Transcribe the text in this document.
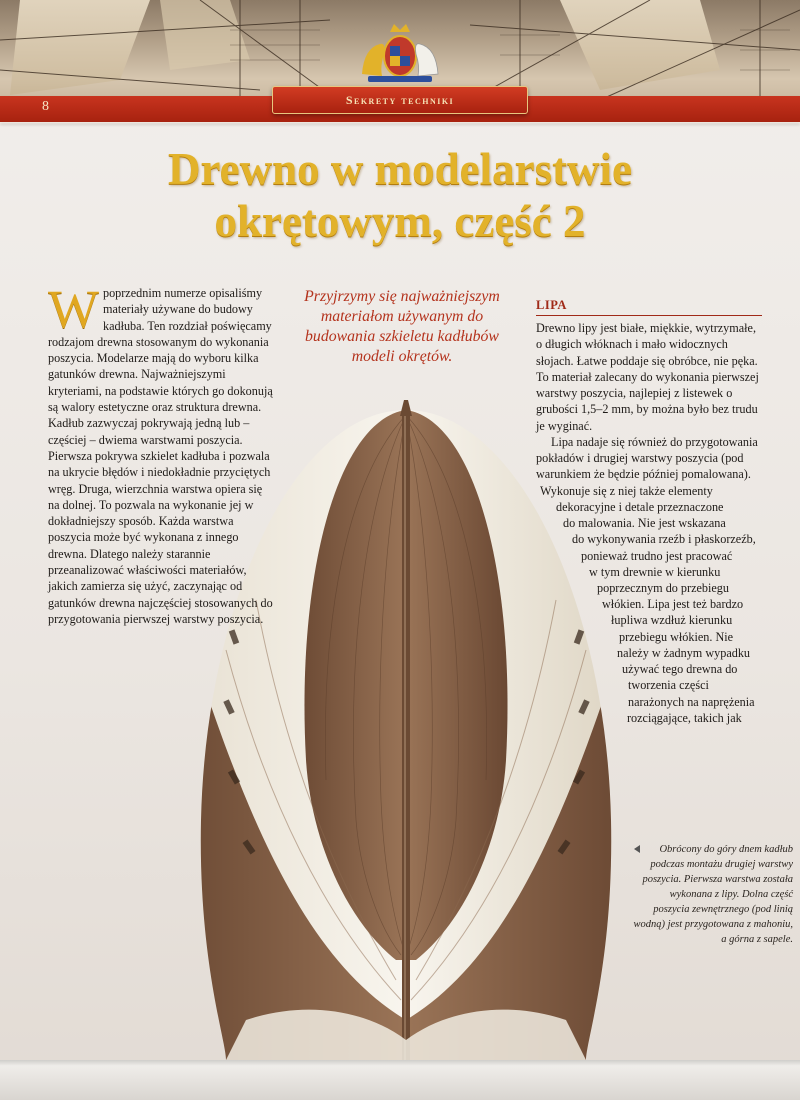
8	Sekrety techniki
Drewno w modelarstwie
okrętowym, część 2
W poprzednim numerze opisaliśmy materiały używane do budowy kadłuba. Ten rozdział poświęcamy rodzajom drewna stosowanym do wykonania poszycia. Modelarze mają do wyboru kilka gatunków drewna. Najważniejszymi kryteriami, na podstawie których go dokonują są walory estetyczne oraz struktura drewna. Kadłub zazwyczaj pokrywają jedną lub – częściej – dwiema warstwami poszycia. Pierwsza pokrywa szkielet kadłuba i pozwala na ukrycie błędów i niedokładnie przyciętych wręg. Druga, wierzchnia warstwa opiera się na dolnej. To pozwala na wykonanie jej w dokładniejszy sposób. Każda warstwa poszycia może być wykonana z innego drewna. Dlatego należy starannie przeanalizować właściwości materiałów, jakich zamierza się użyć, zaczynając od gatunków drewna najczęściej stosowanych do przygotowania pierwszej warstwy poszycia.

Przyjrzymy się najważniejszym materiałom używanym do budowania szkieletu kadłubów modeli okrętów.
LIPA

Drewno lipy jest białe, miękkie, wytrzymałe, o długich włóknach i mało widocznych słojach. Łatwe poddaje się obróbce, nie pęka. To materiał zalecany do wykonania pierwszej warstwy poszycia, najlepiej z listewek o grubości 1,5–2 mm, by można było bez trudu je wyginać.

Lipa nadaje się również do przygotowania
pokładów i drugiej warstwy poszycia (pod
warunkiem że będzie później pomalowana).
Wykonuje się z niej także elementy
dekoracyjne i detale przeznaczone
do malowania. Nie jest wskazana
do wykonywania rzeźb i płaskorzeźb,
ponieważ trudno jest pracować
w tym drewnie w kierunku
poprzecznym do przebiegu
włókien. Lipa jest też bardzo
łupliwa wzdłuż kierunku
przebiegu włókien. Nie
należy w żadnym wypadku
używać tego drewna do
tworzenia części
narażonych na naprężenia
rozciągające, takich jak
Obrócony do góry dnem kadłub podczas montażu drugiej warstwy poszycia. Pierwsza warstwa została wykonana z lipy. Dolna część poszycia zewnętrznego (pod linią wodną) jest przygotowana z mahoniu, a górna z sapele.
